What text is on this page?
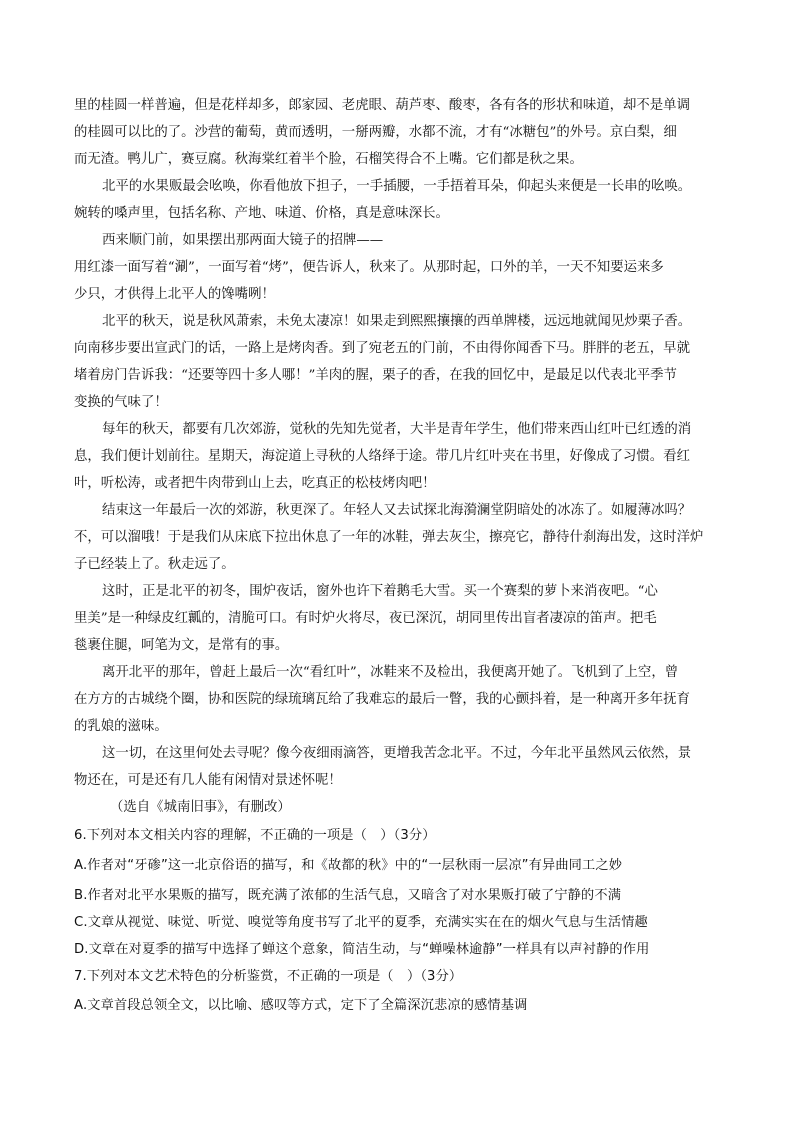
里的桂圆一样普遍，但是花样却多，郎家园、老虎眼、葫芦枣、酸枣，各有各的形状和味道，却不是单调
的桂圆可以比的了。沙营的葡萄，黄而透明，一掰两瓣，水都不流，才有“冰糖包”的外号。京白梨，细
而无渣。鸭儿广，赛豆腐。秋海棠红着半个脸，石榴笑得合不上嘴。它们都是秋之果。
北平的水果贩最会吆唤，你看他放下担子，一手插腰，一手捂着耳朵，仰起头来便是一长串的吆唤。
婉转的嗓声里，包括名称、产地、味道、价格，真是意味深长。
西来顺门前，如果摆出那两面大镜子的招牌——
用红漆一面写着“涮”，一面写着“烤”，便告诉人，秋来了。从那时起，口外的羊，一天不知要运来多
少只，才供得上北平人的馋嘴咧！
北平的秋天，说是秋风萧索，未免太凄凉！如果走到熙熙攘攘的西单牌楼，远远地就闻见炒栗子香。
向南移步要出宣武门的话，一路上是烤肉香。到了宛老五的门前，不由得你闻香下马。胖胖的老五，早就
堵着房门告诉我：“还要等四十多人哪！”羊肉的腥，栗子的香，在我的回忆中，是最足以代表北平季节
变换的气味了！
每年的秋天，都要有几次郊游，觉秋的先知先觉者，大半是青年学生，他们带来西山红叶已红透的消
息，我们便计划前往。星期天，海淀道上寻秋的人络绎于途。带几片红叶夹在书里，好像成了习惯。看红
叶，听松涛，或者把牛肉带到山上去，吃真正的松枝烤肉吧！
结束这一年最后一次的郊游，秋更深了。年轻人又去试探北海漪澜堂阴暗处的冰冻了。如履薄冰吗？
不，可以溜哦！于是我们从床底下拉出休息了一年的冰鞋，弹去灰尘，擦亮它，静待什刹海出发，这时洋炉
子已经装上了。秋走远了。
这时，正是北平的初冬，围炉夜话，窗外也许下着鹅毛大雪。买一个赛梨的萝卜来消夜吧。“心
里美”是一种绿皮红瓤的，清脆可口。有时炉火将尽，夜已深沉，胡同里传出盲者凄凉的笛声。把毛
毯裹住腿，呵笔为文，是常有的事。
离开北平的那年，曾赶上最后一次“看红叶”，冰鞋来不及检出，我便离开她了。飞机到了上空，曾
在方方的古城绕个圈，协和医院的绿琉璃瓦给了我难忘的最后一瞥，我的心颤抖着，是一种离开多年抚育
的乳娘的滋味。
这一切，在这里何处去寻呢？像今夜细雨滴答，更增我苦念北平。不过，今年北平虽然风云依然，景
物还在，可是还有几人能有闲情对景述怀呢！
（选自《城南旧事》，有删改）
6.下列对本文相关内容的理解，不正确的一项是（　）（3分）
A.作者对“牙碜”这一北京俗语的描写，和《故都的秋》中的“一层秋雨一层凉”有异曲同工之妙
B.作者对北平水果贩的描写，既充满了浓郁的生活气息，又暗含了对水果贩打破了宁静的不满
C.文章从视觉、味觉、听觉、嗅觉等角度书写了北平的夏季，充满实实在在的烟火气息与生活情趣
D.文章在对夏季的描写中选择了蝉这个意象，简洁生动，与“蝉噪林逾静”一样具有以声衬静的作用
7.下列对本文艺术特色的分析鉴赏，不正确的一项是（　）（3分）
A.文章首段总领全文，以比喻、感叹等方式，定下了全篇深沉悲凉的感情基调
